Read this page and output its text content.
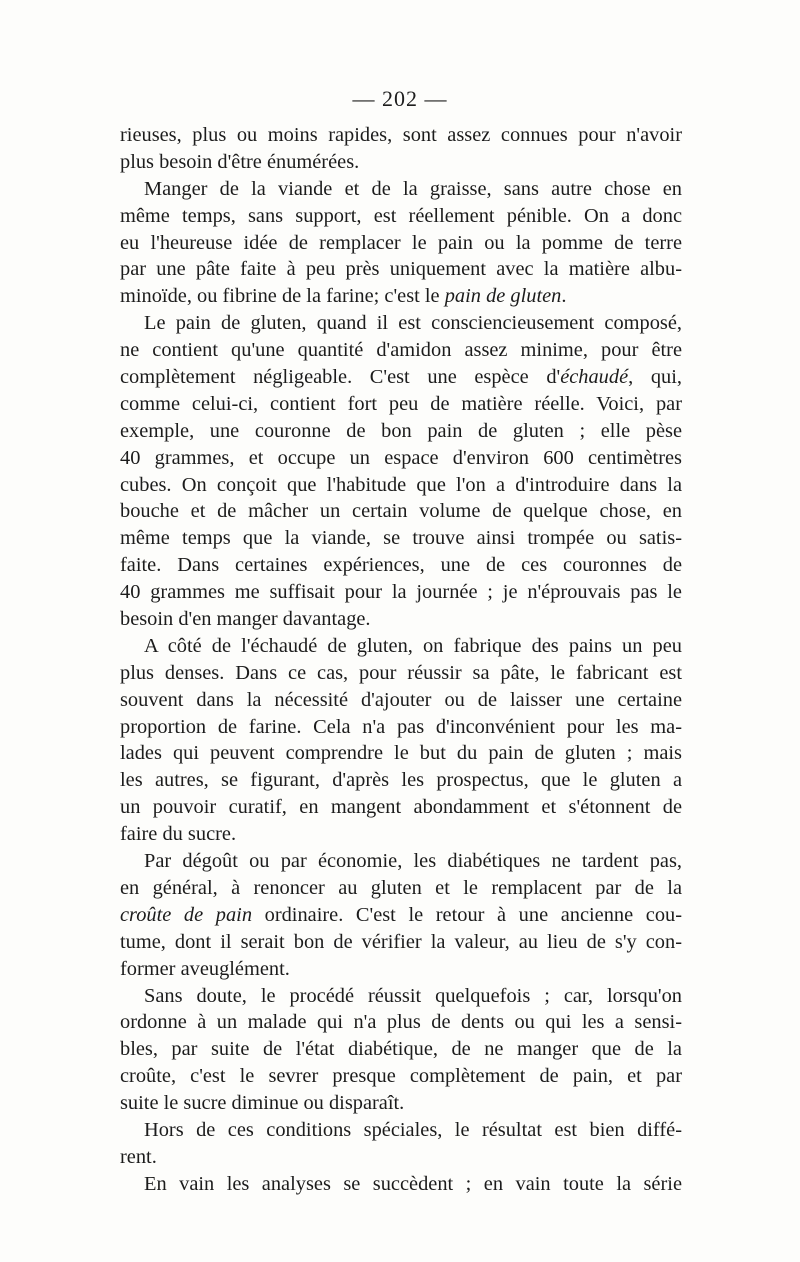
— 202 —
rieuses, plus ou moins rapides, sont assez connues pour n'avoir
plus besoin d'être énumérées.
Manger de la viande et de la graisse, sans autre chose en
même temps, sans support, est réellement pénible. On a donc
eu l'heureuse idée de remplacer le pain ou la pomme de terre
par une pâte faite à peu près uniquement avec la matière albu-
minoïde, ou fibrine de la farine; c'est le pain de gluten.
Le pain de gluten, quand il est consciencieusement composé,
ne contient qu'une quantité d'amidon assez minime, pour être
complètement négligeable. C'est une espèce d'échaudé, qui,
comme celui-ci, contient fort peu de matière réelle. Voici, par
exemple, une couronne de bon pain de gluten ; elle pèse
40 grammes, et occupe un espace d'environ 600 centimètres
cubes. On conçoit que l'habitude que l'on a d'introduire dans la
bouche et de mâcher un certain volume de quelque chose, en
même temps que la viande, se trouve ainsi trompée ou satis-
faite. Dans certaines expériences, une de ces couronnes de
40 grammes me suffisait pour la journée ; je n'éprouvais pas le
besoin d'en manger davantage.
A côté de l'échaudé de gluten, on fabrique des pains un peu
plus denses. Dans ce cas, pour réussir sa pâte, le fabricant est
souvent dans la nécessité d'ajouter ou de laisser une certaine
proportion de farine. Cela n'a pas d'inconvénient pour les ma-
lades qui peuvent comprendre le but du pain de gluten ; mais
les autres, se figurant, d'après les prospectus, que le gluten a
un pouvoir curatif, en mangent abondamment et s'étonnent de
faire du sucre.
Par dégoût ou par économie, les diabétiques ne tardent pas,
en général, à renoncer au gluten et le remplacent par de la
croûte de pain ordinaire. C'est le retour à une ancienne cou-
tume, dont il serait bon de vérifier la valeur, au lieu de s'y con-
former aveuglément.
Sans doute, le procédé réussit quelquefois ; car, lorsqu'on
ordonne à un malade qui n'a plus de dents ou qui les a sensi-
bles, par suite de l'état diabétique, de ne manger que de la
croûte, c'est le sevrer presque complètement de pain, et par
suite le sucre diminue ou disparaît.
Hors de ces conditions spéciales, le résultat est bien diffé-
rent.
En vain les analyses se succèdent ; en vain toute la série
